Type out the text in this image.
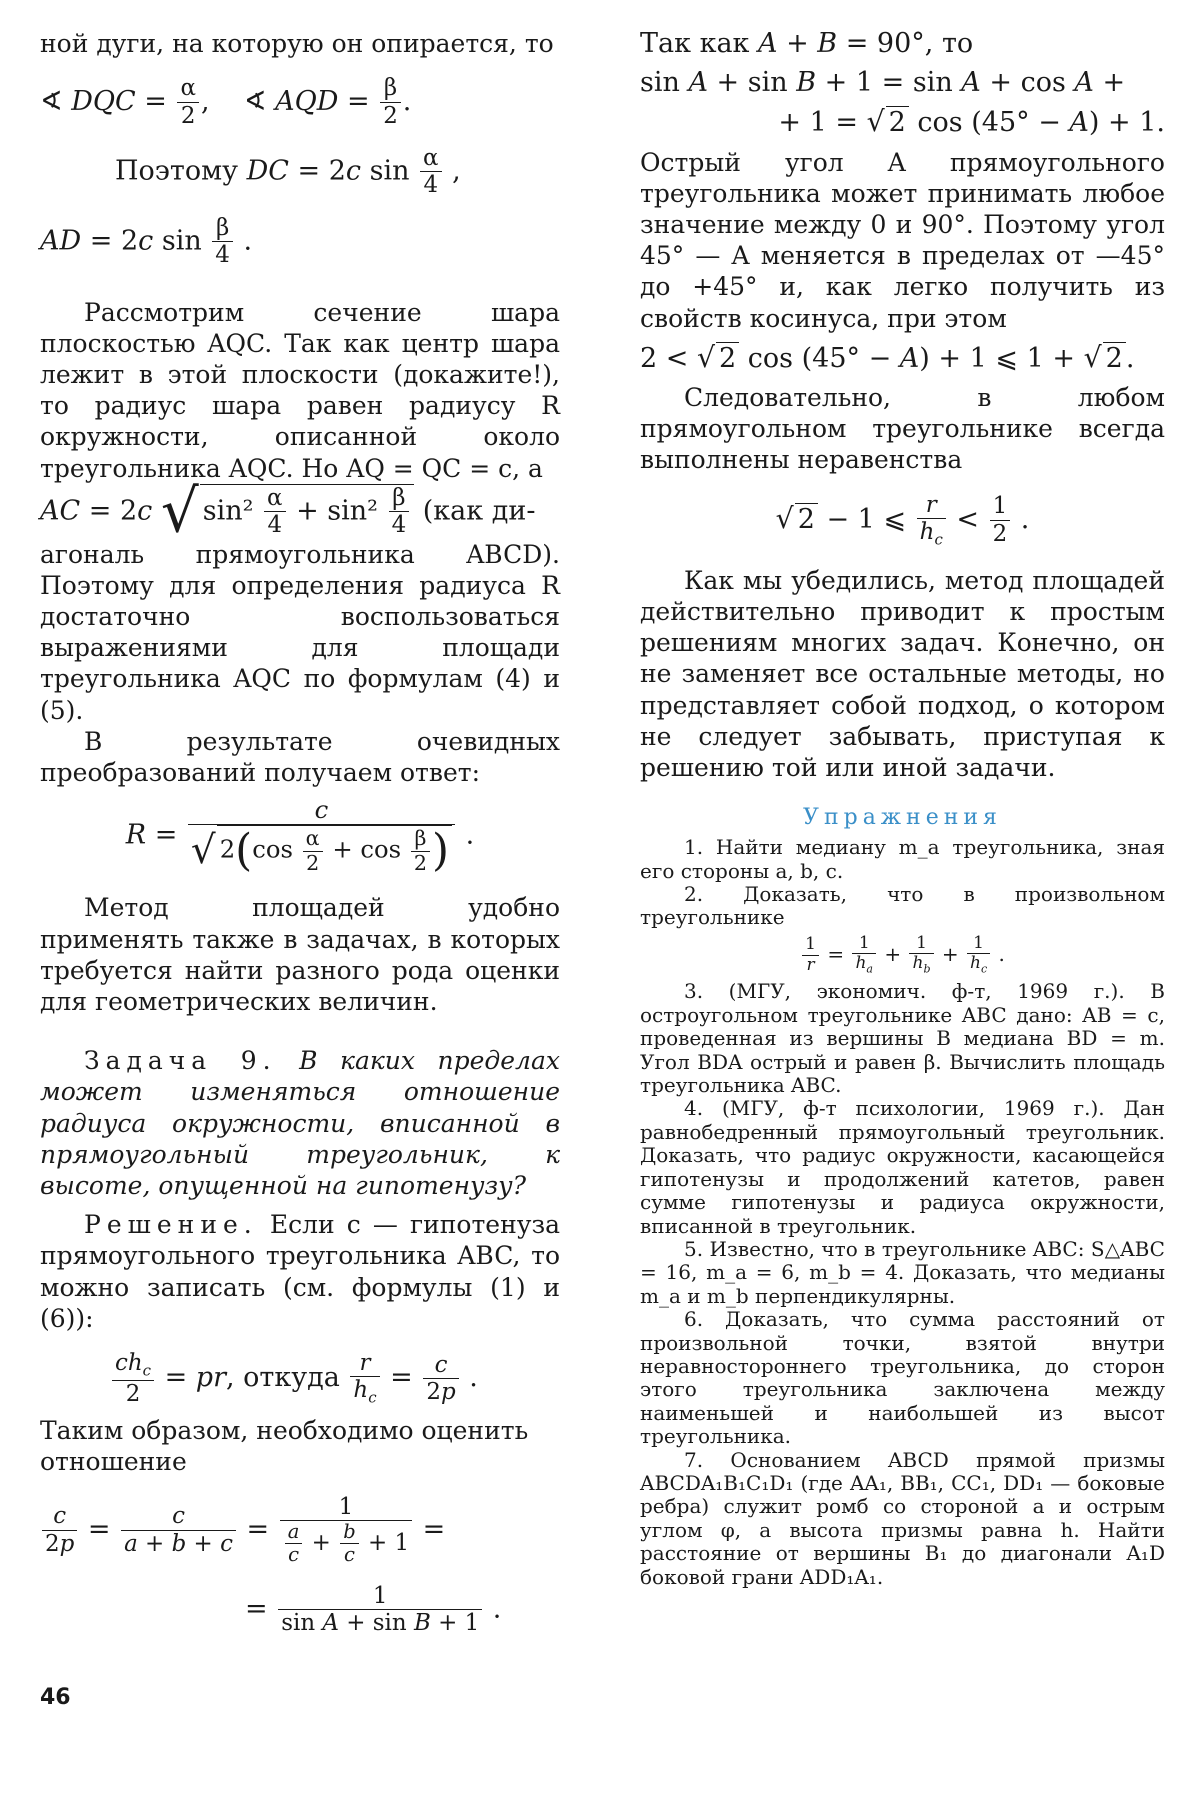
ной дуги, на которую он опирается, то

∢ DQC = $\frac{\alpha}{2}$ , ∢ AQD = $\frac{\beta}{2}$ .

Поэтому DC = 2c $\sin \frac{\alpha}{4}$ ,

AD = 2c $\sin \frac{\beta}{4}$ .

Рассмотрим сечение шара плоскостью AQC. Так как центр шара лежит в этой плоскости (докажите!), то радиус шара равен радиусу R окружности, описанной около треугольника AQC. Но AQ = QC = c, а

AC = 2c √ $\sin^2 \frac{\alpha}{4} + \sin^2 \frac{\beta}{4} (как$ ди-

агональ прямоугольника ABCD). Поэтому для определения радиуса R достаточно воспользоваться выражениями для площади треугольника AQC по формулам (4) и (5).

В результате очевидных преобразований получаем ответ:

$R = \frac{c}{√ 2(\cos \frac{\alpha}{2} + \cos \frac{\beta}{2} )}$ .

Метод площадей удобно применять также в задачах, в которых требуется найти разного рода оценки для геометрических величин.

Задача 9. В каких пределах может изменяться отношение радиуса окружности, вписанной в прямоугольный треугольник, к высоте, опущенной на гипотенузу?

Решение. Если c — гипотенуза прямоугольного треугольника ABC, то можно записать (см. формулы (1) и (6)):

$\frac{ch_c}{2}$ = pr, откуда $\frac{r}{h_c} = \frac{c}{2p}$ .

Таким образом, необходимо оценить отношение

$\frac{c}{2p} = \frac{c}{a + b + c} = \frac{1}{\frac{a}{c} + \frac{b}{c} + 1}$ =

= $\frac{1}{\text{sin A + sin B + 1}}$ .

Так как A + B = 90°, то

sin A + sin B + 1 = sin A + cos A +

+ 1 = √ 2 cos (45° − A) + 1.

Острый угол A прямоугольного треугольника может принимать любое значение между 0 и 90°. Поэтому угол 45° — A меняется в пределах от —45° до +45° и, как легко получить из свойств косинуса, при этом

2 < √ 2 cos (45° − A) + 1 ⩽ 1 + √ 2 .

Следовательно, в любом прямоугольном треугольнике всегда выполнены неравенства

√ 2 − 1 ⩽ $\frac{r}{h_c} < \frac{1}{2}$ .

Как мы убедились, метод площадей действительно приводит к простым решениям многих задач. Конечно, он не заменяет все остальные методы, но представляет собой подход, о котором не следует забывать, приступая к решению той или иной задачи.

Упражнения

1. Найти медиану m_a треугольника, зная его стороны a, b, c.

2. Доказать, что в произвольном треугольнике

$\frac{1}{r} = \frac{1}{h_a} + \frac{1}{h_b} + \frac{1}{h_c}$ .

3. (МГУ, экономич. ф-т, 1969 г.). В остроугольном треугольнике ABC дано: AB = c, проведенная из вершины B медиана BD = m. Угол BDA острый и равен β. Вычислить площадь треугольника ABC.

4. (МГУ, ф-т психологии, 1969 г.). Дан равнобедренный прямоугольный треугольник. Доказать, что радиус окружности, касающейся гипотенузы и продолжений катетов, равен сумме гипотенузы и радиуса окружности, вписанной в треугольник.

5. Известно, что в треугольнике ABC: S△ABC = 16, m_a = 6, m_b = 4. Доказать, что медианы m_a и m_b перпендикулярны.

6. Доказать, что сумма расстояний от произвольной точки, взятой внутри неравностороннего треугольника, до сторон этого треугольника заключена между наименьшей и наибольшей из высот треугольника.

7. Основанием ABCD прямой призмы ABCDA₁B₁C₁D₁ (где AA₁, BB₁, CC₁, DD₁ — боковые ребра) служит ромб со стороной a и острым углом φ, а высота призмы равна h. Найти расстояние от вершины B₁ до диагонали A₁D боковой грани ADD₁A₁.

46
